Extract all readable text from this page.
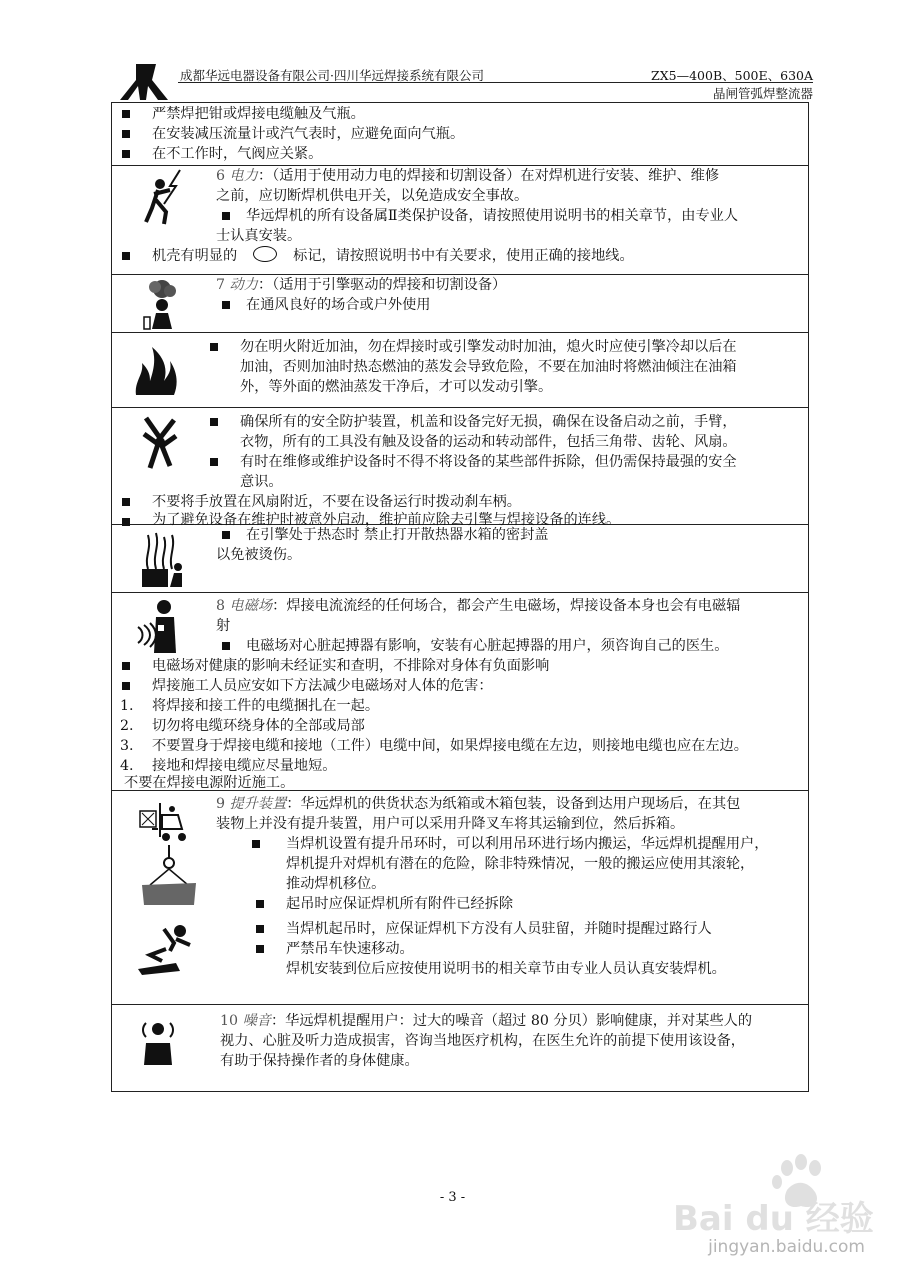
成都华远电器设备有限公司·四川华远焊接系统有限公司	ZX5—400B、500E、630A
晶闸管弧焊整流器
严禁焊把钳或焊接电缆触及气瓶。
在安装减压流量计或汽气表时，应避免面向气瓶。
在不工作时，气阀应关紧。
6 电力：（适用于使用动力电的焊接和切割设备）在对焊机进行安装、维护、维修
之前，应切断焊机供电开关，以免造成安全事故。
华远焊机的所有设备属Ⅱ类保护设备，请按照使用说明书的相关章节，由专业人
士认真安装。
机壳有明显的	标记，请按照说明书中有关要求，使用正确的接地线。
7 动力：（适用于引擎驱动的焊接和切割设备）
在通风良好的场合或户外使用
勿在明火附近加油，勿在焊接时或引擎发动时加油，熄火时应使引擎冷却以后在
加油，否则加油时热态燃油的蒸发会导致危险，不要在加油时将燃油倾注在油箱
外，等外面的燃油蒸发干净后，才可以发动引擎。
确保所有的安全防护装置，机盖和设备完好无损，确保在设备启动之前，手臂，
衣物，所有的工具没有触及设备的运动和转动部件，包括三角带、齿轮、风扇。
有时在维修或维护设备时不得不将设备的某些部件拆除，但仍需保持最强的安全
意识。
不要将手放置在风扇附近，不要在设备运行时拨动刹车柄。
为了避免设备在维护时被意外启动，维护前应除去引擎与焊接设备的连线。
在引擎处于热态时 禁止打开散热器水箱的密封盖
以免被烫伤。
8 电磁场：焊接电流流经的任何场合，都会产生电磁场，焊接设备本身也会有电磁辐
射
电磁场对心脏起搏器有影响，安装有心脏起搏器的用户，须咨询自己的医生。
电磁场对健康的影响未经证实和查明，不排除对身体有负面影响
焊接施工人员应安如下方法减少电磁场对人体的危害：
1. 将焊接和接工件的电缆捆扎在一起。
2. 切勿将电缆环绕身体的全部或局部
3. 不要置身于焊接电缆和接地（工件）电缆中间，如果焊接电缆在左边，则接地电缆也应在左边。
4. 接地和焊接电缆应尽量地短。
不要在焊接电源附近施工。
9 提升装置：华远焊机的供货状态为纸箱或木箱包装，设备到达用户现场后，在其包
装物上并没有提升装置，用户可以采用升降叉车将其运输到位，然后拆箱。
当焊机设置有提升吊环时，可以利用吊环进行场内搬运，华远焊机提醒用户，
焊机提升对焊机有潜在的危险，除非特殊情况，一般的搬运应使用其滚轮，
推动焊机移位。
起吊时应保证焊机所有附件已经拆除
当焊机起吊时，应保证焊机下方没有人员驻留，并随时提醒过路行人
严禁吊车快速移动。
焊机安装到位后应按使用说明书的相关章节由专业人员认真安装焊机。
10 噪音：华远焊机提醒用户：过大的噪音（超过 80 分贝）影响健康，并对某些人的
视力、心脏及听力造成损害，咨询当地医疗机构，在医生允许的前提下使用该设备，
有助于保持操作者的身体健康。
- 3 -
Bai du 经验
jingyan.baidu.com
